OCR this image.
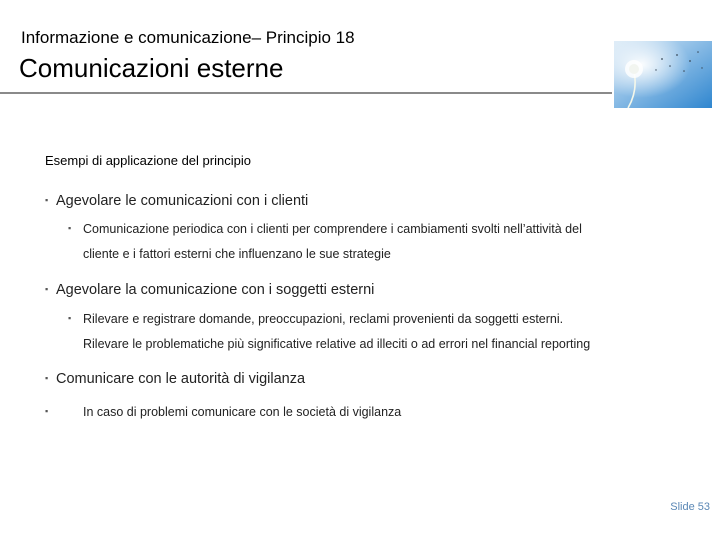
Informazione e comunicazione– Principio 18
Comunicazioni esterne
Esempi di applicazione del principio
▪ Agevolare le comunicazioni con i clienti
▪ Comunicazione periodica con i clienti per comprendere i cambiamenti svolti nell’attività del
cliente e i fattori esterni che influenzano le sue strategie
▪ Agevolare la comunicazione con i soggetti esterni
▪ Rilevare e registrare domande, preoccupazioni, reclami provenienti da soggetti esterni.
Rilevare le problematiche più significative relative ad illeciti o ad errori nel financial reporting
▪ Comunicare con le autorità di vigilanza
▪	In caso di problemi comunicare con le società di vigilanza
Slide 53
